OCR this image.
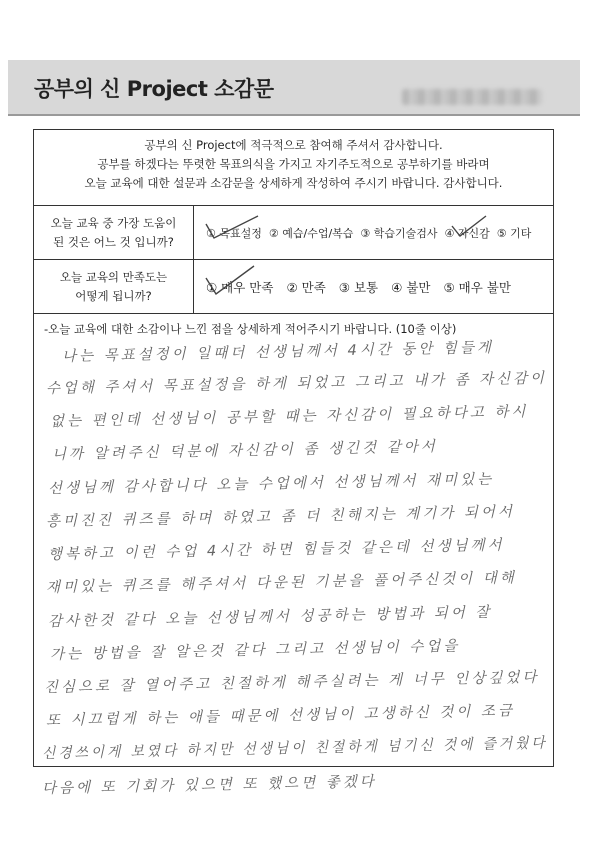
공부의 신 Project 소감문
공부의 신 Project에 적극적으로 참여해 주셔서 감사합니다.
공부를 하겠다는 뚜렷한 목표의식을 가지고 자기주도적으로 공부하기를 바라며
오늘 교육에 대한 설문과 소감문을 상세하게 작성하여 주시기 바랍니다. 감사합니다.
오늘 교육 중 가장 도움이
된 것은 어느 것 입니까?
① 목표설정 ② 예습/수업/복습 ③ 학습기술검사 ④ 자신감 ⑤ 기타
오늘 교육의 만족도는
어떻게 됩니까?
① 매우 만족 ② 만족 ③ 보통 ④ 불만 ⑤ 매우 불만
-오늘 교육에 대한 소감이나 느낀 점을 상세하게 적어주시기 바랍니다. (10줄 이상)
나는 목표설정이 일때더 선생님께서 4시간 동안 힘들게
수업해 주셔서 목표설정을 하게 되었고 그리고 내가 좀 자신감이
없는 편인데 선생님이 공부할 때는 자신감이 필요하다고 하시
니까 알려주신 덕분에 자신감이 좀 생긴것 같아서
선생님께 감사합니다 오늘 수업에서 선생님께서 재미있는
흥미진진 퀴즈를 하며 하였고 좀 더 친해지는 계기가 되어서
행복하고 이런 수업 4시간 하면 힘들것 같은데 선생님께서
재미있는 퀴즈를 해주셔서 다운된 기분을 풀어주신것이 대해
감사한것 같다 오늘 선생님께서 성공하는 방법과 되어 잘
가는 방법을 잘 알은것 같다 그리고 선생님이 수업을
진심으로 잘 열어주고 친절하게 해주실려는 게 너무 인상깊었다
또 시끄럽게 하는 애들 때문에 선생님이 고생하신 것이 조금
신경쓰이게 보였다 하지만 선생님이 친절하게 넘기신 것에 즐거웠다
다음에 또 기회가 있으면 또 했으면 좋겠다
